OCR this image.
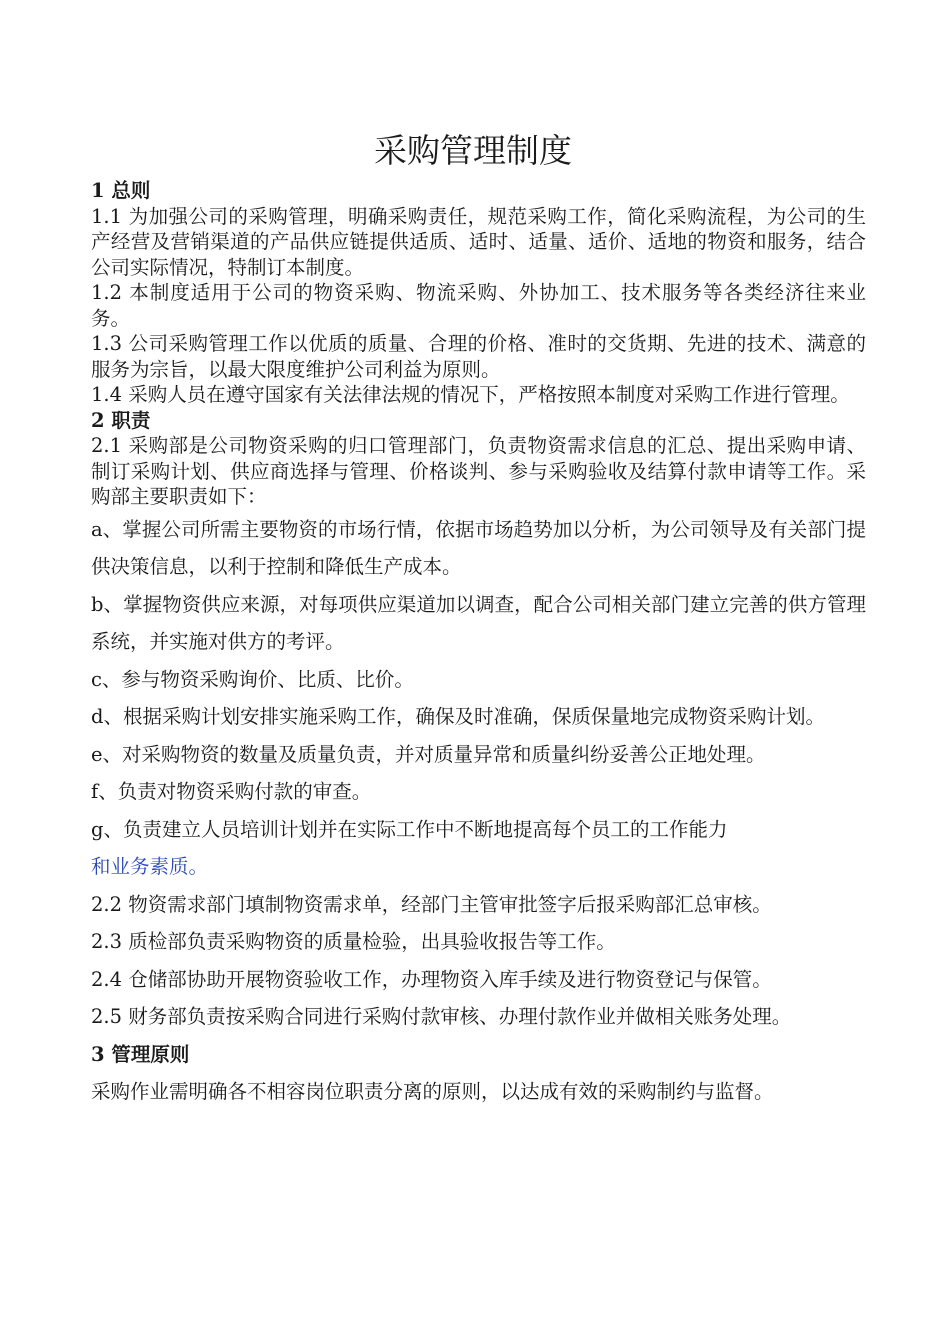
采购管理制度
1 总则
1.1 为加强公司的采购管理，明确采购责任，规范采购工作，简化采购流程，为公司的生产经营及营销渠道的产品供应链提供适质、适时、适量、适价、适地的物资和服务，结合公司实际情况，特制订本制度。
1.2 本制度适用于公司的物资采购、物流采购、外协加工、技术服务等各类经济往来业务。
1.3 公司采购管理工作以优质的质量、合理的价格、准时的交货期、先进的技术、满意的服务为宗旨，以最大限度维护公司利益为原则。
1.4 采购人员在遵守国家有关法律法规的情况下，严格按照本制度对采购工作进行管理。
2 职责
2.1 采购部是公司物资采购的归口管理部门，负责物资需求信息的汇总、提出采购申请、制订采购计划、供应商选择与管理、价格谈判、参与采购验收及结算付款申请等工作。采购部主要职责如下：
a、掌握公司所需主要物资的市场行情，依据市场趋势加以分析，为公司领导及有关部门提供决策信息，以利于控制和降低生产成本。
b、掌握物资供应来源，对每项供应渠道加以调查，配合公司相关部门建立完善的供方管理系统，并实施对供方的考评。
c、参与物资采购询价、比质、比价。
d、根据采购计划安排实施采购工作，确保及时准确，保质保量地完成物资采购计划。
e、对采购物资的数量及质量负责，并对质量异常和质量纠纷妥善公正地处理。
f、负责对物资采购付款的审查。
g、负责建立人员培训计划并在实际工作中不断地提高每个员工的工作能力
和业务素质。
2.2 物资需求部门填制物资需求单，经部门主管审批签字后报采购部汇总审核。
2.3 质检部负责采购物资的质量检验，出具验收报告等工作。
2.4 仓储部协助开展物资验收工作，办理物资入库手续及进行物资登记与保管。
2.5 财务部负责按采购合同进行采购付款审核、办理付款作业并做相关账务处理。
3 管理原则
采购作业需明确各不相容岗位职责分离的原则，以达成有效的采购制约与监督。
